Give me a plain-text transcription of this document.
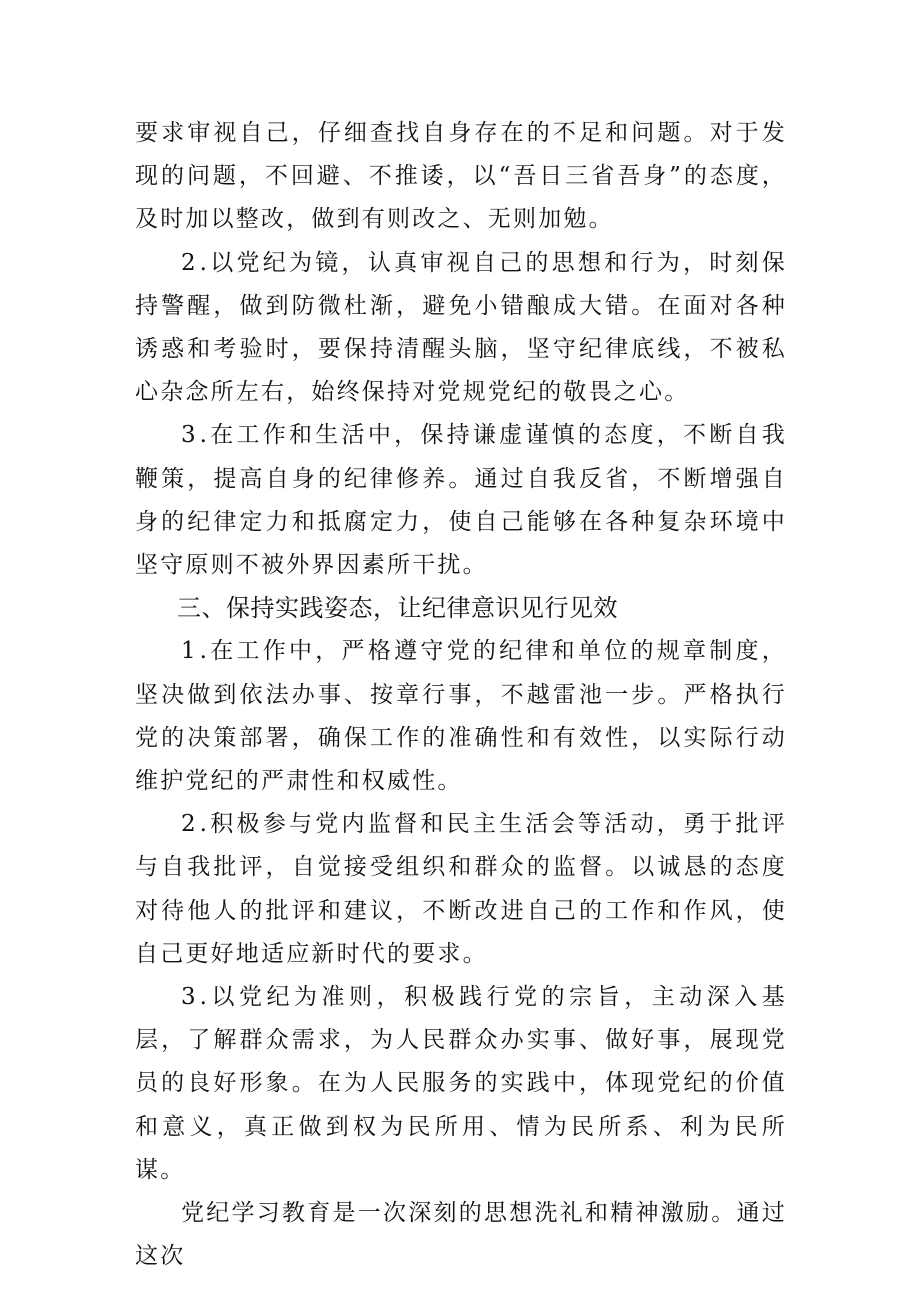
要求审视自己，仔细查找自身存在的不足和问题。对于发现的问题，不回避、不推诿，以“吾日三省吾身”的态度，及时加以整改，做到有则改之、无则加勉。

2.以党纪为镜，认真审视自己的思想和行为，时刻保持警醒，做到防微杜渐，避免小错酿成大错。在面对各种诱惑和考验时，要保持清醒头脑，坚守纪律底线，不被私心杂念所左右，始终保持对党规党纪的敬畏之心。

3.在工作和生活中，保持谦虚谨慎的态度，不断自我鞭策，提高自身的纪律修养。通过自我反省，不断增强自身的纪律定力和抵腐定力，使自己能够在各种复杂环境中坚守原则不被外界因素所干扰。

三、保持实践姿态，让纪律意识见行见效

1.在工作中，严格遵守党的纪律和单位的规章制度，坚决做到依法办事、按章行事，不越雷池一步。严格执行党的决策部署，确保工作的准确性和有效性，以实际行动维护党纪的严肃性和权威性。

2.积极参与党内监督和民主生活会等活动，勇于批评与自我批评，自觉接受组织和群众的监督。以诚恳的态度对待他人的批评和建议，不断改进自己的工作和作风，使自己更好地适应新时代的要求。

3.以党纪为准则，积极践行党的宗旨，主动深入基层，了解群众需求，为人民群众办实事、做好事，展现党员的良好形象。在为人民服务的实践中，体现党纪的价值和意义，真正做到权为民所用、情为民所系、利为民所谋。

党纪学习教育是一次深刻的思想洗礼和精神激励。通过这次
